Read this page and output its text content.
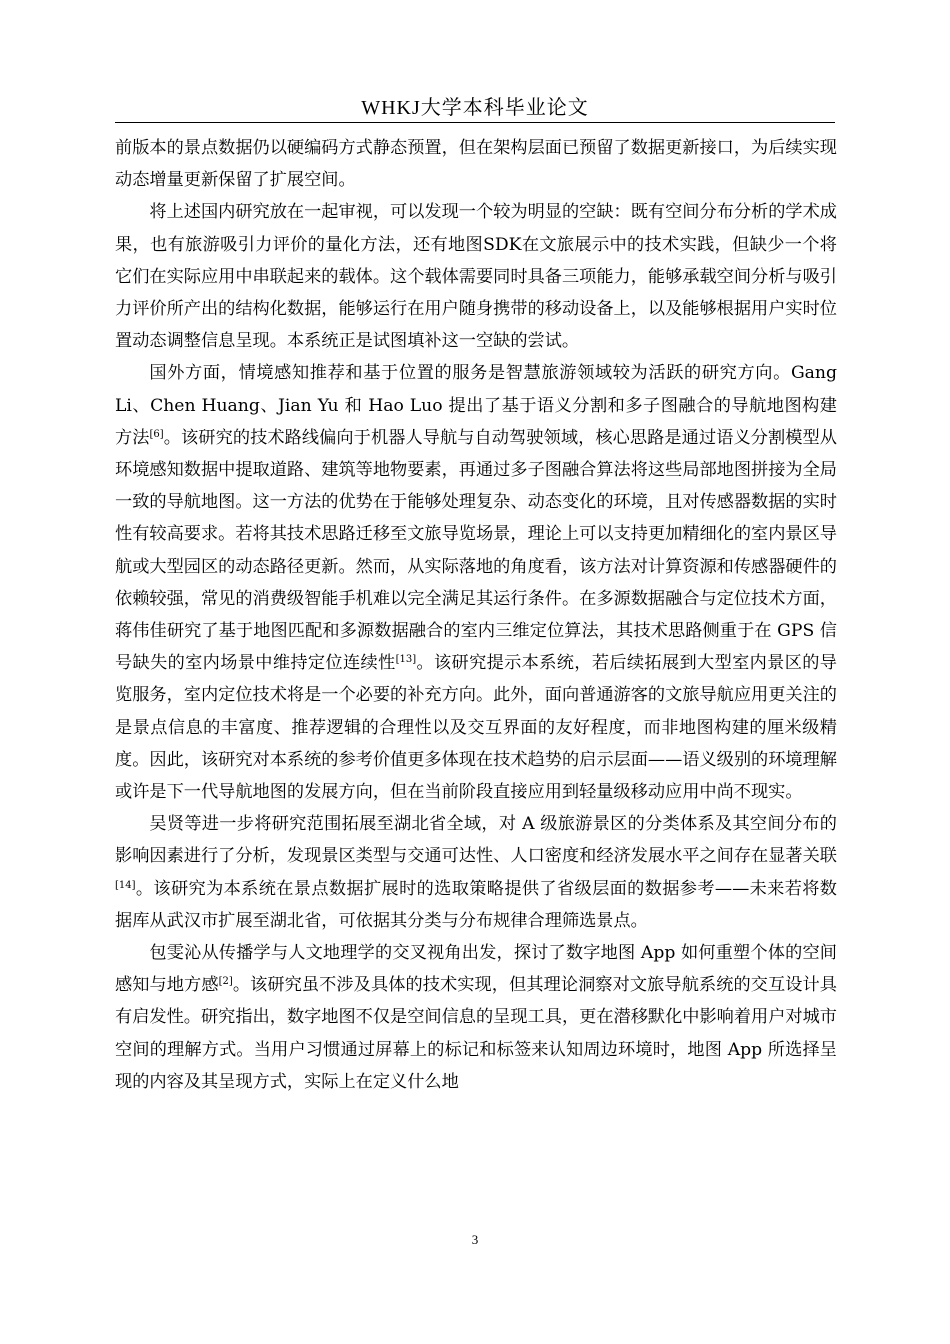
WHKJ大学本科毕业论文

前版本的景点数据仍以硬编码方式静态预置，但在架构层面已预留了数据更新接口，为后续实现动态增量更新保留了扩展空间。

将上述国内研究放在一起审视，可以发现一个较为明显的空缺：既有空间分布分析的学术成果，也有旅游吸引力评价的量化方法，还有地图SDK在文旅展示中的技术实践，但缺少一个将它们在实际应用中串联起来的载体。这个载体需要同时具备三项能力，能够承载空间分析与吸引力评价所产出的结构化数据，能够运行在用户随身携带的移动设备上，以及能够根据用户实时位置动态调整信息呈现。本系统正是试图填补这一空缺的尝试。

国外方面，情境感知推荐和基于位置的服务是智慧旅游领域较为活跃的研究方向。Gang Li、Chen Huang、Jian Yu 和 Hao Luo 提出了基于语义分割和多子图融合的导航地图构建方法[6]。该研究的技术路线偏向于机器人导航与自动驾驶领域，核心思路是通过语义分割模型从环境感知数据中提取道路、建筑等地物要素，再通过多子图融合算法将这些局部地图拼接为全局一致的导航地图。这一方法的优势在于能够处理复杂、动态变化的环境，且对传感器数据的实时性有较高要求。若将其技术思路迁移至文旅导览场景，理论上可以支持更加精细化的室内景区导航或大型园区的动态路径更新。然而，从实际落地的角度看，该方法对计算资源和传感器硬件的依赖较强，常见的消费级智能手机难以完全满足其运行条件。在多源数据融合与定位技术方面，蒋伟佳研究了基于地图匹配和多源数据融合的室内三维定位算法，其技术思路侧重于在 GPS 信号缺失的室内场景中维持定位连续性[13]。该研究提示本系统，若后续拓展到大型室内景区的导览服务，室内定位技术将是一个必要的补充方向。此外，面向普通游客的文旅导航应用更关注的是景点信息的丰富度、推荐逻辑的合理性以及交互界面的友好程度，而非地图构建的厘米级精度。因此，该研究对本系统的参考价值更多体现在技术趋势的启示层面——语义级别的环境理解或许是下一代导航地图的发展方向，但在当前阶段直接应用到轻量级移动应用中尚不现实。

吴贤等进一步将研究范围拓展至湖北省全域，对 A 级旅游景区的分类体系及其空间分布的影响因素进行了分析，发现景区类型与交通可达性、人口密度和经济发展水平之间存在显著关联[14]。该研究为本系统在景点数据扩展时的选取策略提供了省级层面的数据参考——未来若将数据库从武汉市扩展至湖北省，可依据其分类与分布规律合理筛选景点。

包雯沁从传播学与人文地理学的交叉视角出发，探讨了数字地图 App 如何重塑个体的空间感知与地方感[2]。该研究虽不涉及具体的技术实现，但其理论洞察对文旅导航系统的交互设计具有启发性。研究指出，数字地图不仅是空间信息的呈现工具，更在潜移默化中影响着用户对城市空间的理解方式。当用户习惯通过屏幕上的标记和标签来认知周边环境时，地图 App 所选择呈现的内容及其呈现方式，实际上在定义什么地

3
